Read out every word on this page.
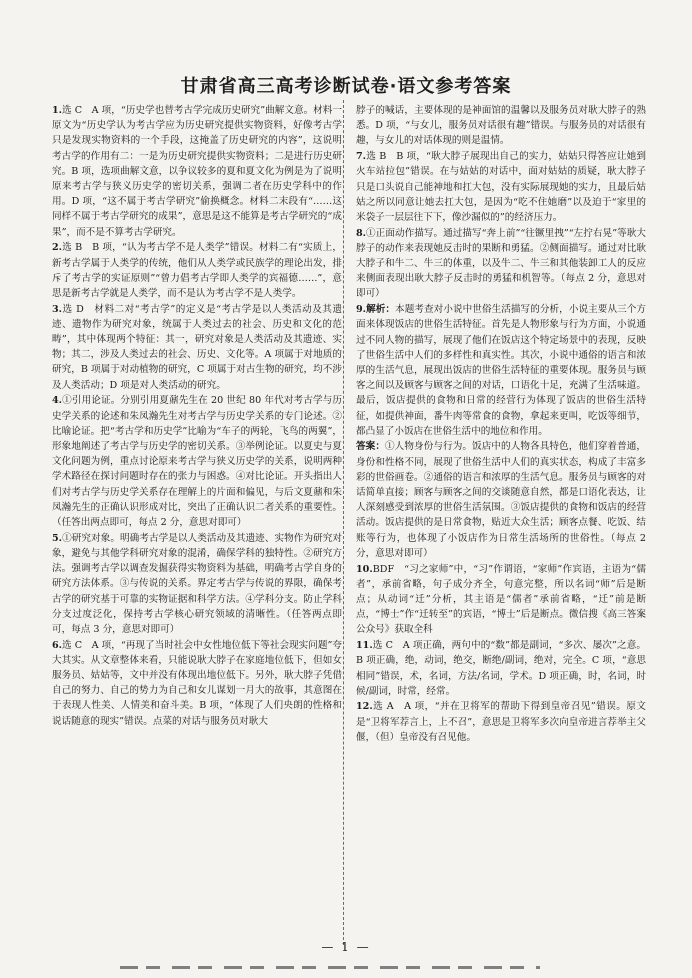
甘肃省高三高考诊断试卷·语文参考答案

1.选 C　A 项，“历史学也替考古学完成历史研究”曲解文意。材料一原文为“历史学认为考古学应为历史研究提供实物资料，好像考古学只是发现实物资料的一个手段，这掩盖了历史研究的内容”，这说明考古学的作用有二：一是为历史研究提供实物资料；二是进行历史研究。B 项，选项曲解文意，以争议较多的夏和夏文化为例是为了说明原来考古学与狭义历史学的密切关系，强调二者在历史学科中的作用。D 项，“这不属于考古学研究”偷换概念。材料二末段有“……这同样不属于考古学研究的成果”，意思是这不能算是考古学研究的“成果”，而不是不算考古学研究。

2.选 B　B 项，“认为考古学不是人类学”错误。材料二有“实质上，新考古学属于人类学的传统，他们从人类学或民族学的理论出发，排斥了考古学的实证原则”“曾力倡考古学即人类学的宾福德……”，意思是新考古学就是人类学，而不是认为考古学不是人类学。

3.选 D　材料二对“考古学”的定义是“考古学是以人类活动及其遗迹、遗物作为研究对象，统属于人类过去的社会、历史和文化的范畴”，其中体现两个特征：其一，研究对象是人类活动及其遗迹、实物；其二，涉及人类过去的社会、历史、文化等。A 项属于对地质的研究，B 项属于对动植物的研究，C 项属于对古生物的研究，均不涉及人类活动；D 项是对人类活动的研究。

4.①引用论证。分别引用夏鼐先生在 20 世纪 80 年代对考古学与历史学关系的论述和朱凤瀚先生对考古学与历史学关系的专门论述。②比喻论证。把“考古学和历史学”比喻为“车子的两轮，飞鸟的两翼”，形象地阐述了考古学与历史学的密切关系。③举例论证。以夏史与夏文化问题为例，重点讨论原来考古学与狭义历史学的关系，说明两种学术路径在探讨问题时存在的张力与困惑。④对比论证。开头指出人们对考古学与历史学关系存在理解上的片面和偏见，与后文夏鼐和朱凤瀚先生的正确认识形成对比，突出了正确认识二者关系的重要性。（任答出两点即可，每点 2 分，意思对即可）

5.①研究对象。明确考古学是以人类活动及其遗迹、实物作为研究对象，避免与其他学科研究对象的混淆，确保学科的独特性。②研究方法。强调考古学以调查发掘获得实物资料为基础，明确考古学自身的研究方法体系。③与传说的关系。界定考古学与传说的界限，确保考古学的研究基于可靠的实物证据和科学方法。④学科分支。防止学科分支过度泛化，保持考古学核心研究领域的清晰性。（任答两点即可，每点 3 分，意思对即可）

6.选 C　A 项，“再现了当时社会中女性地位低下等社会现实问题”夸大其实。从文章整体来看，只能说耿大脖子在家庭地位低下，但如女服务员、姑姑等，文中并没有体现出地位低下。另外，耿大脖子凭借自己的努力、自己的势力为自己和女儿谋划一月大的故事，其意图在于表现人性美、人情美和奋斗美。B 项，“体现了人们央朗的性格和说话随意的现实”错误。点菜的对话与服务员对耿大

脖子的喊话，主要体现的是神面馆的温馨以及服务员对耿大脖子的熟悉。D 项，“与女儿，服务员对话很有趣”错误。与服务员的对话很有趣，与女儿的对话体现的则是温情。

7.选 B　B 项，“耿大脖子展现出自己的实力，姑姑只得答应让她到火车站拉包”错误。在与姑姑的对话中，面对姑姑的质疑，耿大脖子只是口头说自己能神地和扛大包，没有实际展现她的实力，且最后姑姑之所以同意让她去扛大包，是因为“吃不住她磨”以及迫于“家里的米袋子一层层往下下，像沙漏似的”的经济压力。

8.①正面动作描写。通过描写“奔上前”“往镢里拽”“左拧右晃”等耿大脖子的动作来表现她反击时的果断和勇猛。②侧面描写。通过对比耿大脖子和牛二、牛三的体重，以及牛二、牛三和其他装卸工人的反应来侧面表现出耿大脖子反击时的勇猛和机智等。（每点 2 分，意思对即可）

9.解析：本题考查对小说中世俗生活描写的分析，小说主要从三个方面来体现饭店的世俗生活特征。首先是人物形象与行为方面，小说通过不同人物的描写，展现了他们在饭店这个特定场景中的表现，反映了世俗生活中人们的多样性和真实性。其次，小说中通俗的语言和浓厚的生活气息，展现出饭店的世俗生活特征的重要体现。服务员与顾客之间以及顾客与顾客之间的对话，口语化十足，充满了生活味道。最后，饭店提供的食物和日常的经营行为体现了饭店的世俗生活特征，如提供神面，番牛肉等常食的食物，拿起来更叫，吃饭等细节，都凸显了小饭店在世俗生活中的地位和作用。

答案：①人物身份与行为。饭店中的人物各具特色，他们穿着普通，身份和性格不同，展现了世俗生活中人们的真实状态，构成了丰富多彩的世俗画卷。②通俗的语言和浓厚的生活气息。服务员与顾客的对话简单直接；顾客与顾客之间的交谈随意自然，都是口语化表达，让人深刻感受到浓厚的世俗生活氛围。③饭店提供的食物和饭店的经营活动。饭店提供的是日常食物，贴近大众生活；顾客点餐、吃饭、结账等行为，也体现了小饭店作为日常生活场所的世俗性。（每点 2 分，意思对即可）

10.BDF　“习之家师”中，“习”作谓语，“家师”作宾语，主语为“儒者”，承前省略，句子成分齐全，句意完整，所以名词“师”后是断点；从动词“迁”分析，其主语是“儒者”承前省略，“迁”前是断点，“博士”作“迁转至”的宾语，“博士”后是断点。微信搜《高三答案公众号》获取全科

11.选 C　A 项正确，两句中的“数”都是副词，“多次、屡次”之意。B 项正确，绝，动词，绝交，断绝/副词，绝对，完全。C 项，“意思相同”错误，术，名词，方法/名词，学术。D 项正确，时，名词，时候/副词，时常，经常。

12.选 A　A 项，“并在卫将军的帮助下得到皇帝召见”错误。原文是“卫将军荐言上，上不召”，意思是卫将军多次向皇帝进言荐举主父偃，（但）皇帝没有召见他。

— 1 —
